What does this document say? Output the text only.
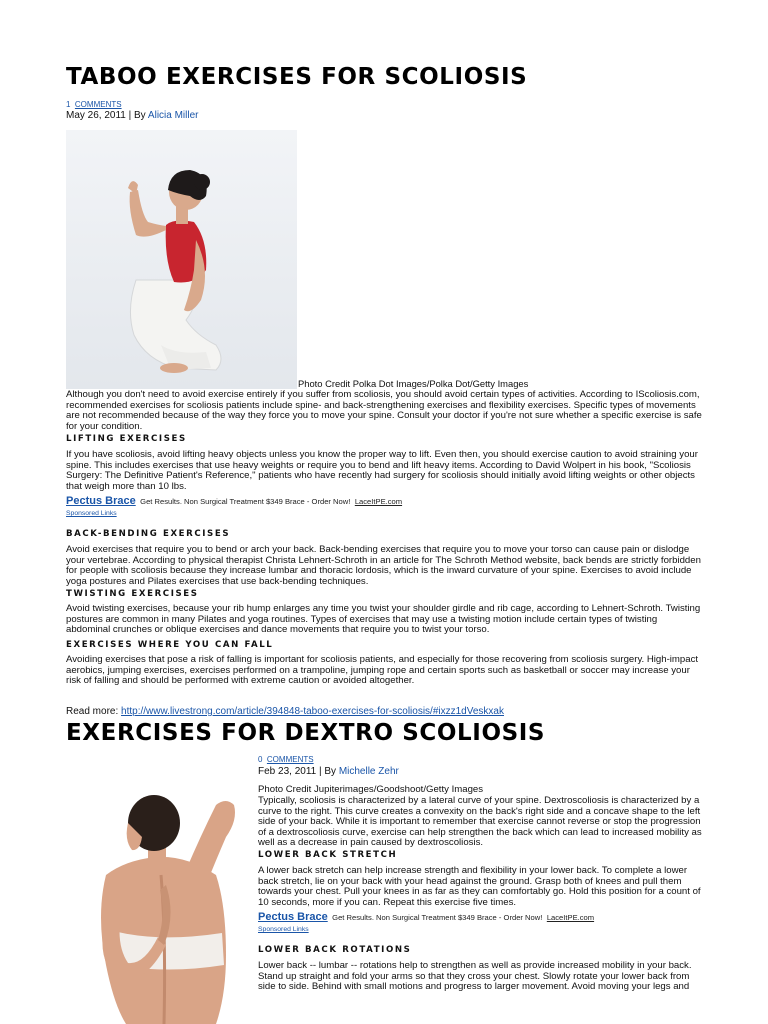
TABOO EXERCISES FOR SCOLIOSIS
1 COMMENTS
May 26, 2011 | By Alicia Miller
Photo Credit Polka Dot Images/Polka Dot/Getty Images
Although you don't need to avoid exercise entirely if you suffer from scoliosis, you should avoid certain types of activities. According to IScoliosis.com, recommended exercises for scoliosis patients include spine- and back-strengthening exercises and flexibility exercises. Specific types of movements are not recommended because of the way they force you to move your spine. Consult your doctor if you're not sure whether a specific exercise is safe for your condition.
LIFTING EXERCISES
If you have scoliosis, avoid lifting heavy objects unless you know the proper way to lift. Even then, you should exercise caution to avoid straining your spine. This includes exercises that use heavy weights or require you to bend and lift heavy items. According to David Wolpert in his book, "Scoliosis Surgery: The Definitive Patient's Reference," patients who have recently had surgery for scoliosis should initially avoid lifting weights or other objects that weigh more than 10 lbs.
Pectus Brace Get Results. Non Surgical Treatment $349 Brace - Order Now! LaceItPE.com
Sponsored Links
BACK-BENDING EXERCISES
Avoid exercises that require you to bend or arch your back. Back-bending exercises that require you to move your torso can cause pain or dislodge your vertebrae. According to physical therapist Christa Lehnert-Schroth in an article for The Schroth Method website, back bends are strictly forbidden for people with scoliosis because they increase lumbar and thoracic lordosis, which is the inward curvature of your spine. Exercises to avoid include yoga postures and Pilates exercises that use back-bending techniques.
TWISTING EXERCISES
Avoid twisting exercises, because your rib hump enlarges any time you twist your shoulder girdle and rib cage, according to Lehnert-Schroth. Twisting postures are common in many Pilates and yoga routines. Types of exercises that may use a twisting motion include certain types of twisting abdominal crunches or oblique exercises and dance movements that require you to twist your torso.
EXERCISES WHERE YOU CAN FALL
Avoiding exercises that pose a risk of falling is important for scoliosis patients, and especially for those recovering from scoliosis surgery. High-impact aerobics, jumping exercises, exercises performed on a trampoline, jumping rope and certain sports such as basketball or soccer may increase your risk of falling and should be performed with extreme caution or avoided altogether.
Read more: http://www.livestrong.com/article/394848-taboo-exercises-for-scoliosis/#ixzz1dVeskxak
EXERCISES FOR DEXTRO SCOLIOSIS
0 COMMENTS
Feb 23, 2011 | By Michelle Zehr
Photo Credit Jupiterimages/Goodshoot/Getty Images
Typically, scoliosis is characterized by a lateral curve of your spine. Dextroscoliosis is characterized by a curve to the right. This curve creates a convexity on the back's right side and a concave shape to the left side of your back. While it is important to remember that exercise cannot reverse or stop the progression of a dextroscoliosis curve, exercise can help strengthen the back which can lead to increased mobility as well as a decrease in pain caused by dextroscoliosis.
LOWER BACK STRETCH
A lower back stretch can help increase strength and flexibility in your lower back. To complete a lower back stretch, lie on your back with your head against the ground. Grasp both of knees and pull them towards your chest. Pull your knees in as far as they can comfortably go. Hold this position for a count of 10 seconds, more if you can. Repeat this exercise five times.
Pectus Brace Get Results. Non Surgical Treatment $349 Brace - Order Now! LaceItPE.com
Sponsored Links
LOWER BACK ROTATIONS
Lower back -- lumbar -- rotations help to strengthen as well as provide increased mobility in your back. Stand up straight and fold your arms so that they cross your chest. Slowly rotate your lower back from side to side. Behind with small motions and progress to larger movement. Avoid moving your legs and
